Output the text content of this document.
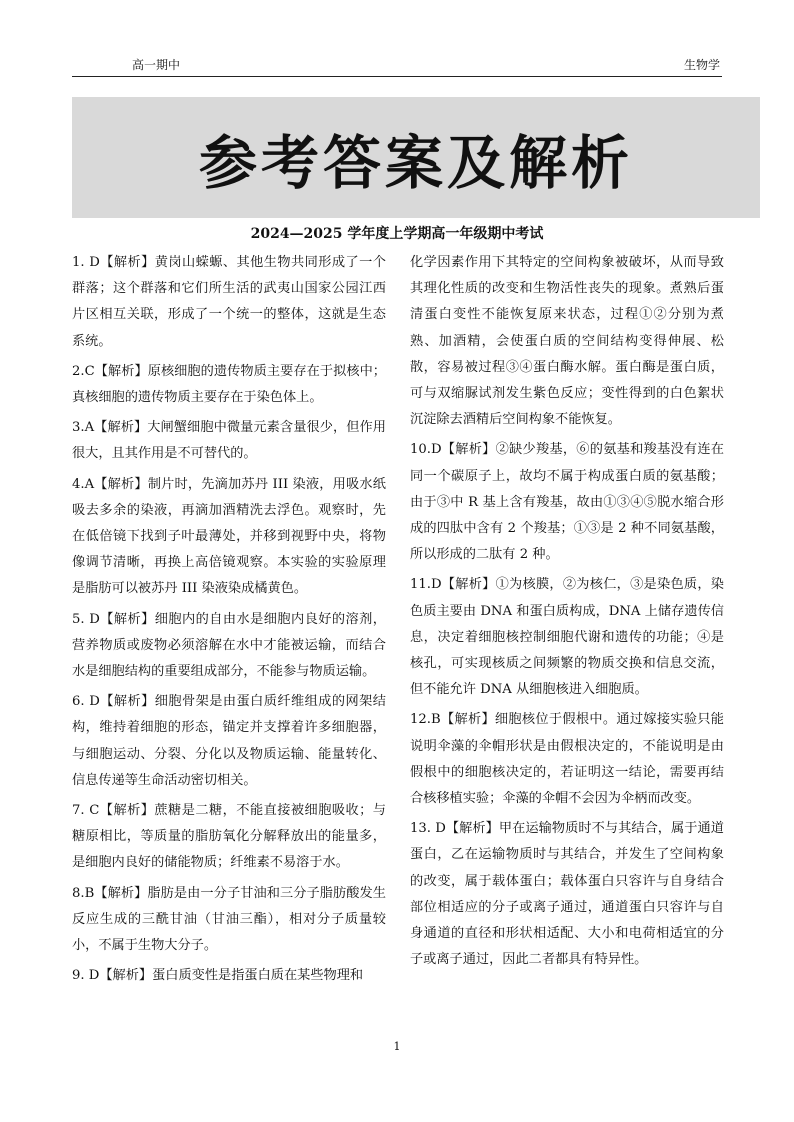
高一期中	生物学
参考答案及解析
2024—2025 学年度上学期高一年级期中考试

1. D【解析】黄岗山蝾螈、其他生物共同形成了一个群落；这个群落和它们所生活的武夷山国家公园江西片区相互关联，形成了一个统一的整体，这就是生态系统。

2.C【解析】原核细胞的遗传物质主要存在于拟核中；真核细胞的遗传物质主要存在于染色体上。

3.A【解析】大闸蟹细胞中微量元素含量很少，但作用很大，且其作用是不可替代的。

4.A【解析】制片时，先滴加苏丹 III 染液，用吸水纸吸去多余的染液，再滴加酒精洗去浮色。观察时，先在低倍镜下找到子叶最薄处，并移到视野中央，将物像调节清晰，再换上高倍镜观察。本实验的实验原理是脂肪可以被苏丹 III 染液染成橘黄色。

5. D【解析】细胞内的自由水是细胞内良好的溶剂，营养物质或废物必须溶解在水中才能被运输，而结合水是细胞结构的重要组成部分，不能参与物质运输。

6. D【解析】细胞骨架是由蛋白质纤维组成的网架结构，维持着细胞的形态，锚定并支撑着许多细胞器，与细胞运动、分裂、分化以及物质运输、能量转化、信息传递等生命活动密切相关。

7. C【解析】蔗糖是二糖，不能直接被细胞吸收；与糖原相比，等质量的脂肪氧化分解释放出的能量多，是细胞内良好的储能物质；纤维素不易溶于水。

8.B【解析】脂肪是由一分子甘油和三分子脂肪酸发生反应生成的三酰甘油（甘油三酯），相对分子质量较小，不属于生物大分子。

9. D【解析】蛋白质变性是指蛋白质在某些物理和

化学因素作用下其特定的空间构象被破坏，从而导致其理化性质的改变和生物活性丧失的现象。煮熟后蛋清蛋白变性不能恢复原来状态，过程①②分别为煮熟、加酒精，会使蛋白质的空间结构变得伸展、松散，容易被过程③④蛋白酶水解。蛋白酶是蛋白质，可与双缩脲试剂发生紫色反应；变性得到的白色絮状沉淀除去酒精后空间构象不能恢复。

10.D【解析】②缺少羧基，⑥的氨基和羧基没有连在同一个碳原子上，故均不属于构成蛋白质的氨基酸；由于③中 R 基上含有羧基，故由①③④⑤脱水缩合形成的四肽中含有 2 个羧基；①③是 2 种不同氨基酸，所以形成的二肽有 2 种。

11.D【解析】①为核膜，②为核仁，③是染色质，染色质主要由 DNA 和蛋白质构成，DNA 上储存遗传信息，决定着细胞核控制细胞代谢和遗传的功能；④是核孔，可实现核质之间频繁的物质交换和信息交流，但不能允许 DNA 从细胞核进入细胞质。

12.B【解析】细胞核位于假根中。通过嫁接实验只能说明伞藻的伞帽形状是由假根决定的，不能说明是由假根中的细胞核决定的，若证明这一结论，需要再结合核移植实验；伞藻的伞帽不会因为伞柄而改变。

13. D【解析】甲在运输物质时不与其结合，属于通道蛋白，乙在运输物质时与其结合，并发生了空间构象的改变，属于载体蛋白；载体蛋白只容许与自身结合部位相适应的分子或离子通过，通道蛋白只容许与自身通道的直径和形状相适配、大小和电荷相适宜的分子或离子通过，因此二者都具有特异性。

1
